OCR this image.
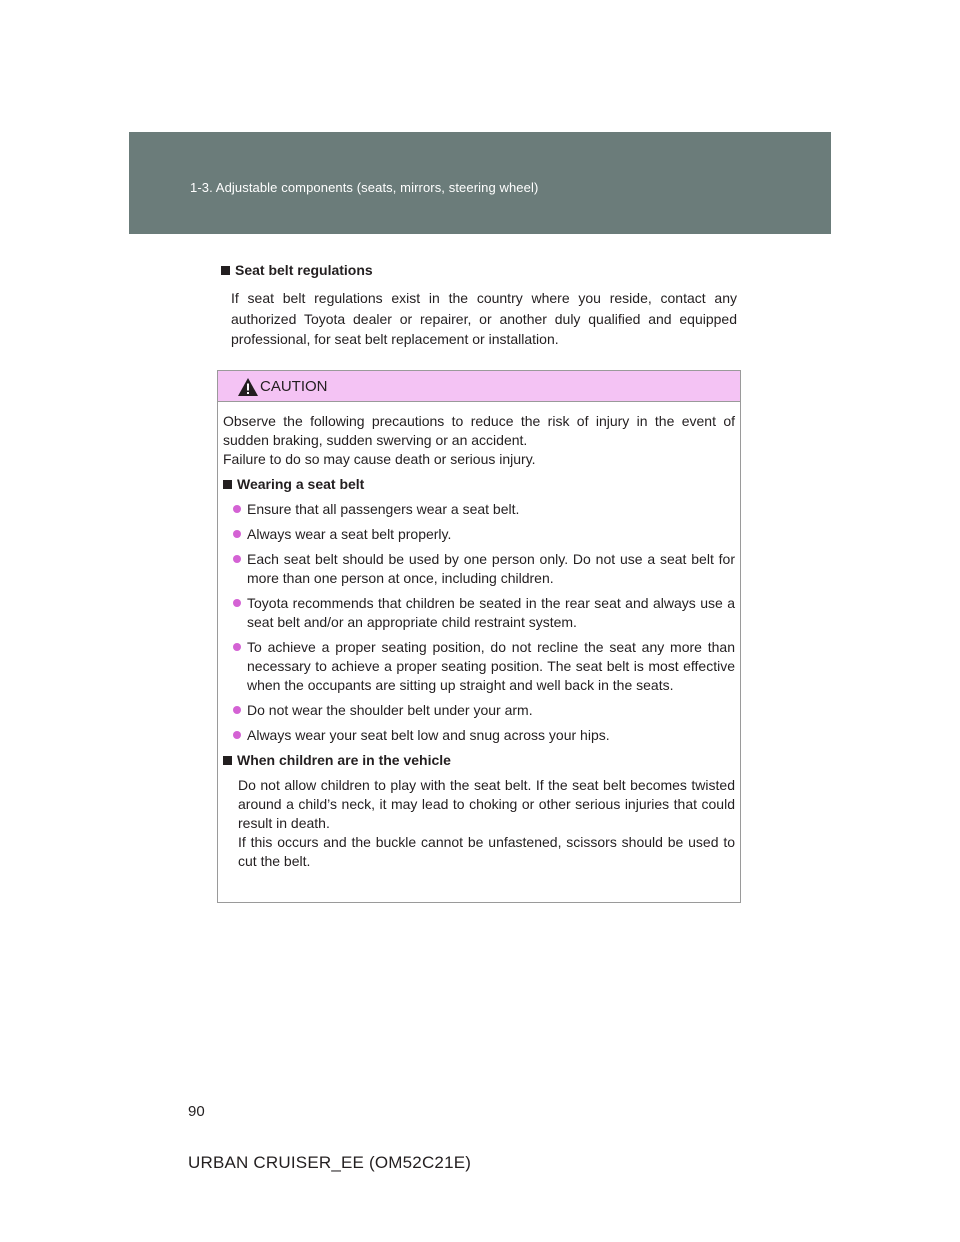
1-3. Adjustable components (seats, mirrors, steering wheel)
Seat belt regulations
If seat belt regulations exist in the country where you reside, contact any authorized Toyota dealer or repairer, or another duly qualified and equipped professional, for seat belt replacement or installation.
CAUTION
Observe the following precautions to reduce the risk of injury in the event of sudden braking, sudden swerving or an accident.
Failure to do so may cause death or serious injury.
Wearing a seat belt
Ensure that all passengers wear a seat belt.
Always wear a seat belt properly.
Each seat belt should be used by one person only. Do not use a seat belt for more than one person at once, including children.
Toyota recommends that children be seated in the rear seat and always use a seat belt and/or an appropriate child restraint system.
To achieve a proper seating position, do not recline the seat any more than necessary to achieve a proper seating position. The seat belt is most effective when the occupants are sitting up straight and well back in the seats.
Do not wear the shoulder belt under your arm.
Always wear your seat belt low and snug across your hips.
When children are in the vehicle
Do not allow children to play with the seat belt. If the seat belt becomes twisted around a child’s neck, it may lead to choking or other serious injuries that could result in death.
If this occurs and the buckle cannot be unfastened, scissors should be used to cut the belt.
90
URBAN CRUISER_EE (OM52C21E)
